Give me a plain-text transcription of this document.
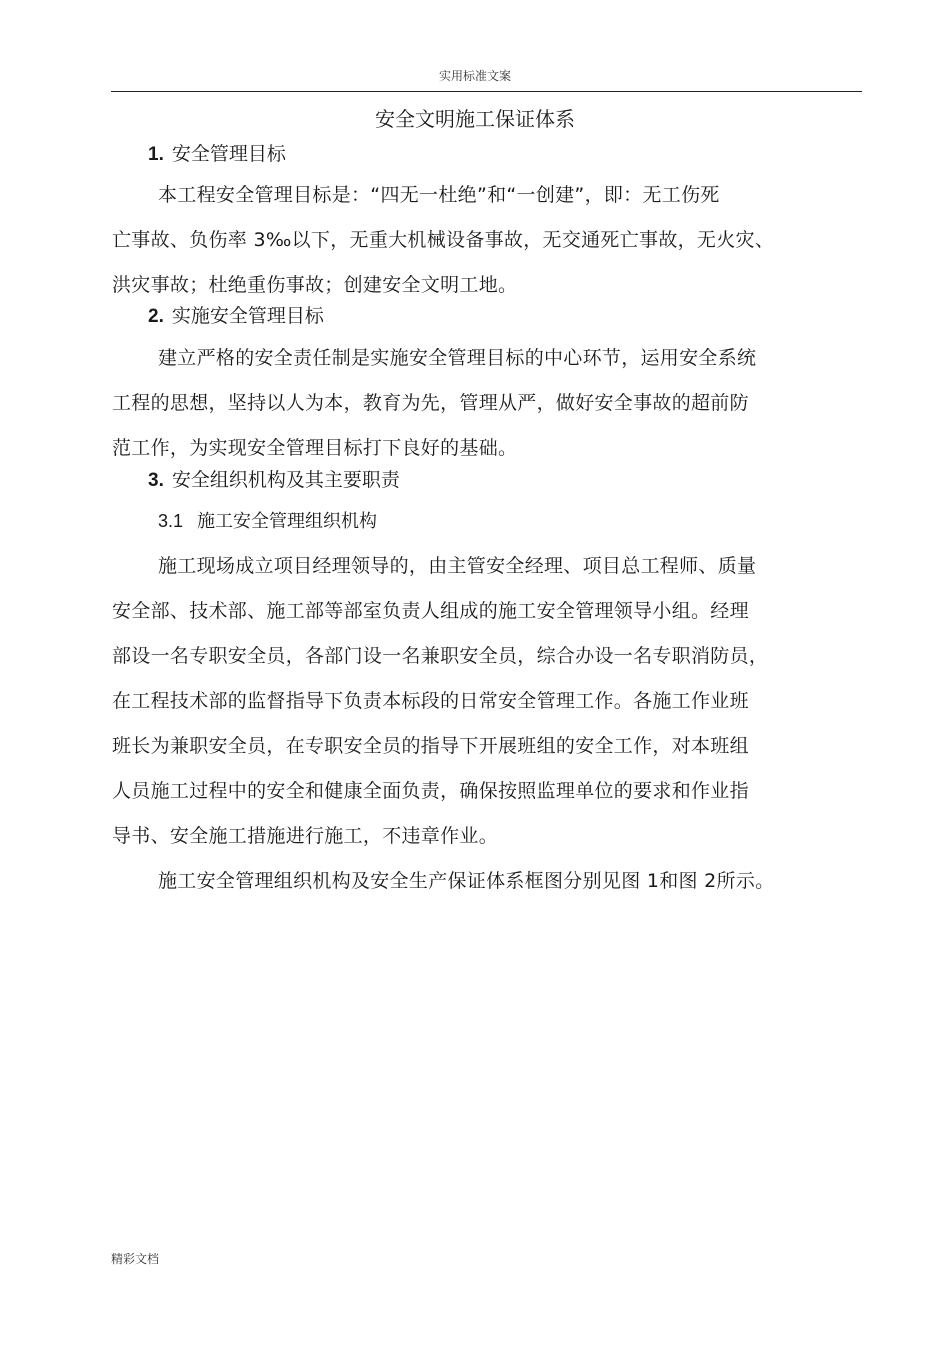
实用标准文案
安全文明施工保证体系
1. 安全管理目标
本工程安全管理目标是：“四无一杜绝”和“一创建”，即：无工伤死
亡事故、负伤率 3‰以下，无重大机械设备事故，无交通死亡事故，无火灾、
洪灾事故；杜绝重伤事故；创建安全文明工地。
2. 实施安全管理目标
建立严格的安全责任制是实施安全管理目标的中心环节，运用安全系统
工程的思想，坚持以人为本，教育为先，管理从严，做好安全事故的超前防
范工作，为实现安全管理目标打下良好的基础。
3. 安全组织机构及其主要职责
3.1 施工安全管理组织机构
施工现场成立项目经理领导的，由主管安全经理、项目总工程师、质量
安全部、技术部、施工部等部室负责人组成的施工安全管理领导小组。经理
部设一名专职安全员，各部门设一名兼职安全员，综合办设一名专职消防员，
在工程技术部的监督指导下负责本标段的日常安全管理工作。各施工作业班
班长为兼职安全员，在专职安全员的指导下开展班组的安全工作，对本班组
人员施工过程中的安全和健康全面负责，确保按照监理单位的要求和作业指
导书、安全施工措施进行施工，不违章作业。
施工安全管理组织机构及安全生产保证体系框图分别见图 1和图 2所示。
精彩文档
